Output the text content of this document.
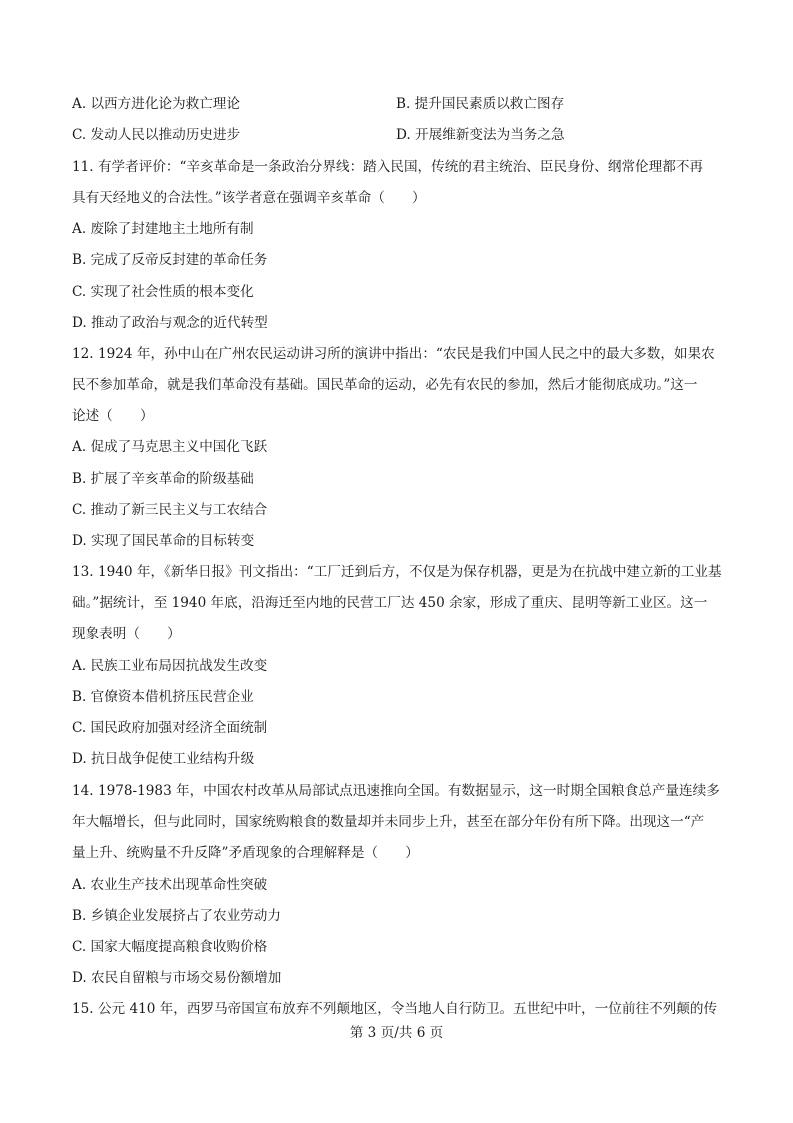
A. 以西方进化论为救亡理论	B. 提升国民素质以救亡图存
C. 发动人民以推动历史进步	D. 开展维新变法为当务之急
11. 有学者评价：“辛亥革命是一条政治分界线：踏入民国，传统的君主统治、臣民身份、纲常伦理都不再
具有天经地义的合法性。”该学者意在强调辛亥革命（　　）
A. 废除了封建地主土地所有制
B. 完成了反帝反封建的革命任务
C. 实现了社会性质的根本变化
D. 推动了政治与观念的近代转型
12. 1924 年，孙中山在广州农民运动讲习所的演讲中指出：“农民是我们中国人民之中的最大多数，如果农
民不参加革命，就是我们革命没有基础。国民革命的运动，必先有农民的参加，然后才能彻底成功。”这一
论述（　　）
A. 促成了马克思主义中国化飞跃
B. 扩展了辛亥革命的阶级基础
C. 推动了新三民主义与工农结合
D. 实现了国民革命的目标转变
13. 1940 年，《新华日报》刊文指出：“工厂迁到后方，不仅是为保存机器，更是为在抗战中建立新的工业基
础。”据统计，至 1940 年底，沿海迁至内地的民营工厂达 450 余家，形成了重庆、昆明等新工业区。这一
现象表明（　　）
A. 民族工业布局因抗战发生改变
B. 官僚资本借机挤压民营企业
C. 国民政府加强对经济全面统制
D. 抗日战争促使工业结构升级
14. 1978-1983 年，中国农村改革从局部试点迅速推向全国。有数据显示，这一时期全国粮食总产量连续多
年大幅增长，但与此同时，国家统购粮食的数量却并未同步上升，甚至在部分年份有所下降。出现这一“产
量上升、统购量不升反降”矛盾现象的合理解释是（　　）
A. 农业生产技术出现革命性突破
B. 乡镇企业发展挤占了农业劳动力
C. 国家大幅度提高粮食收购价格
D. 农民自留粮与市场交易份额增加
15. 公元 410 年，西罗马帝国宣布放弃不列颠地区，令当地人自行防卫。五世纪中叶，一位前往不列颠的传
第 3 页/共 6 页
